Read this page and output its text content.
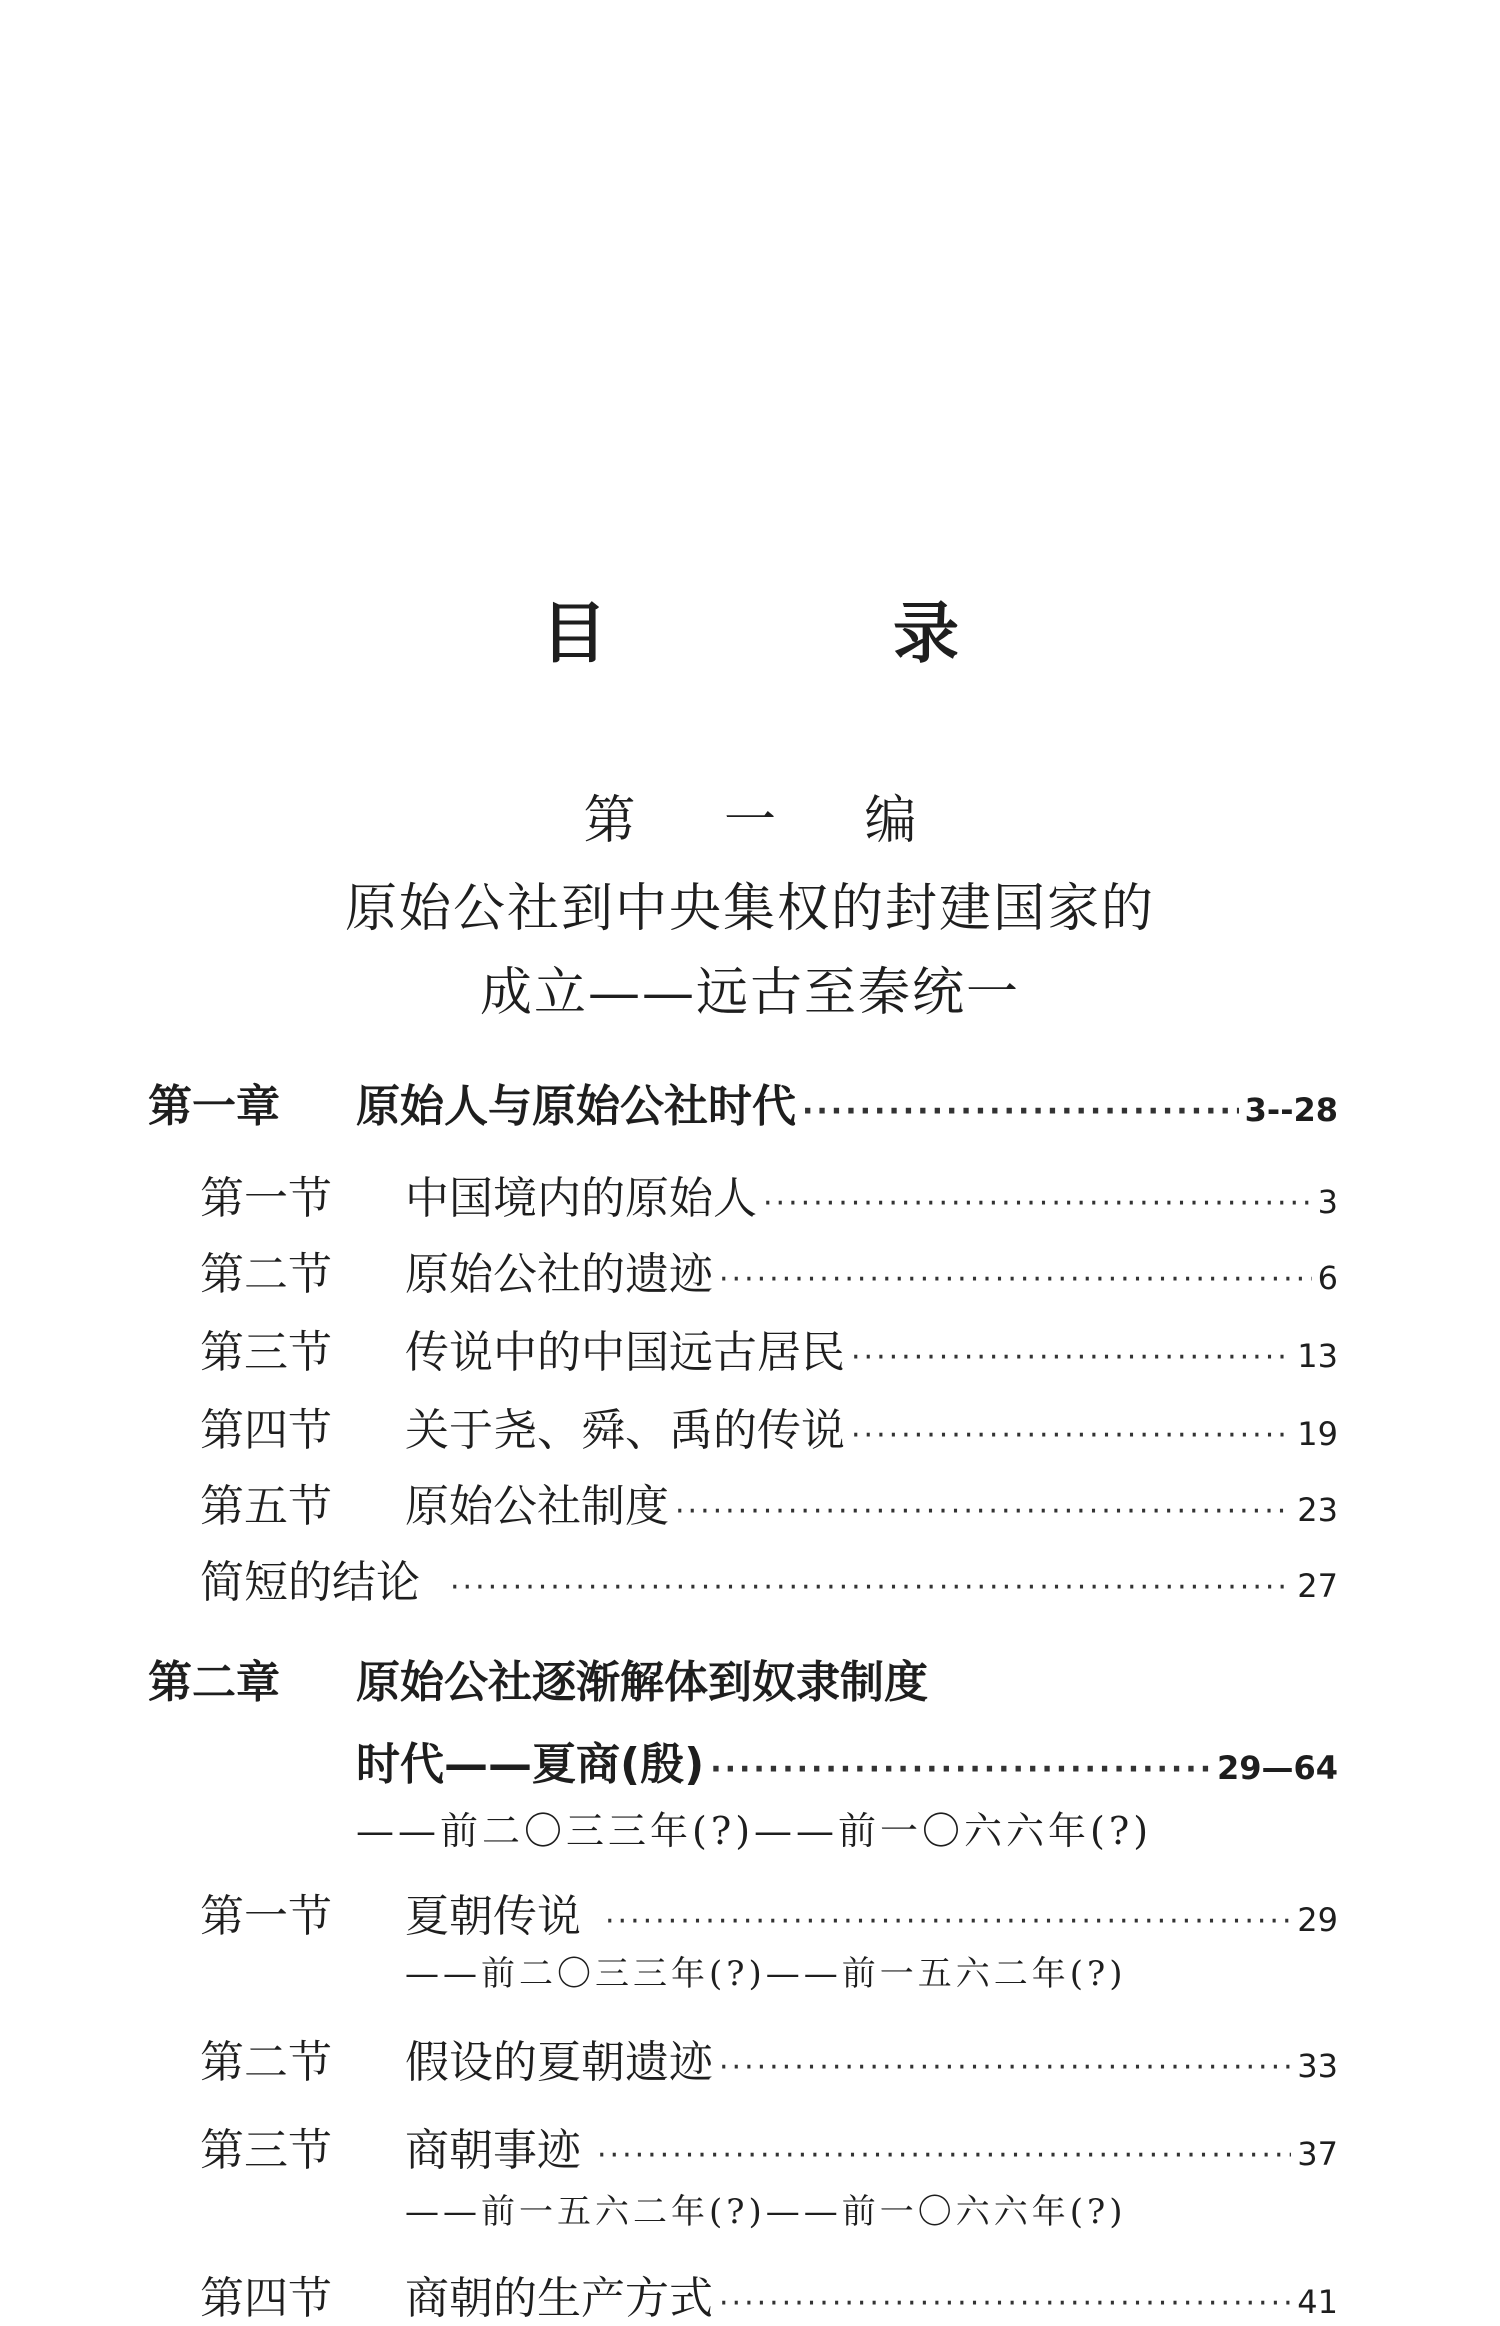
目　录
第 一 编
原始公社到中央集权的封建国家的
成立——远古至秦统一
第一章	原始人与原始公社时代 ·····	3--28
第一节	中国境内的原始人 ·····	3
第二节	原始公社的遗迹 ·····	6
第三节	传说中的中国远古居民 ·····	13
第四节	关于尧、舜、禹的传说 ·····	19
第五节	原始公社制度 ·····	23
简短的结论 ·····	27
第二章 原始公社逐渐解体到奴隶制度
时代——夏商(殷) ·····	29—64
——前二〇三三年(?)——前一〇六六年(?)
第一节	夏朝传说 ·····	29
——前二〇三三年(?)——前一五六二年(?)
第二节	假设的夏朝遗迹 ·····	33
第三节	商朝事迹 ·····	37
——前一五六二年(?)——前一〇六六年(?)
第四节	商朝的生产方式 ·····	41
